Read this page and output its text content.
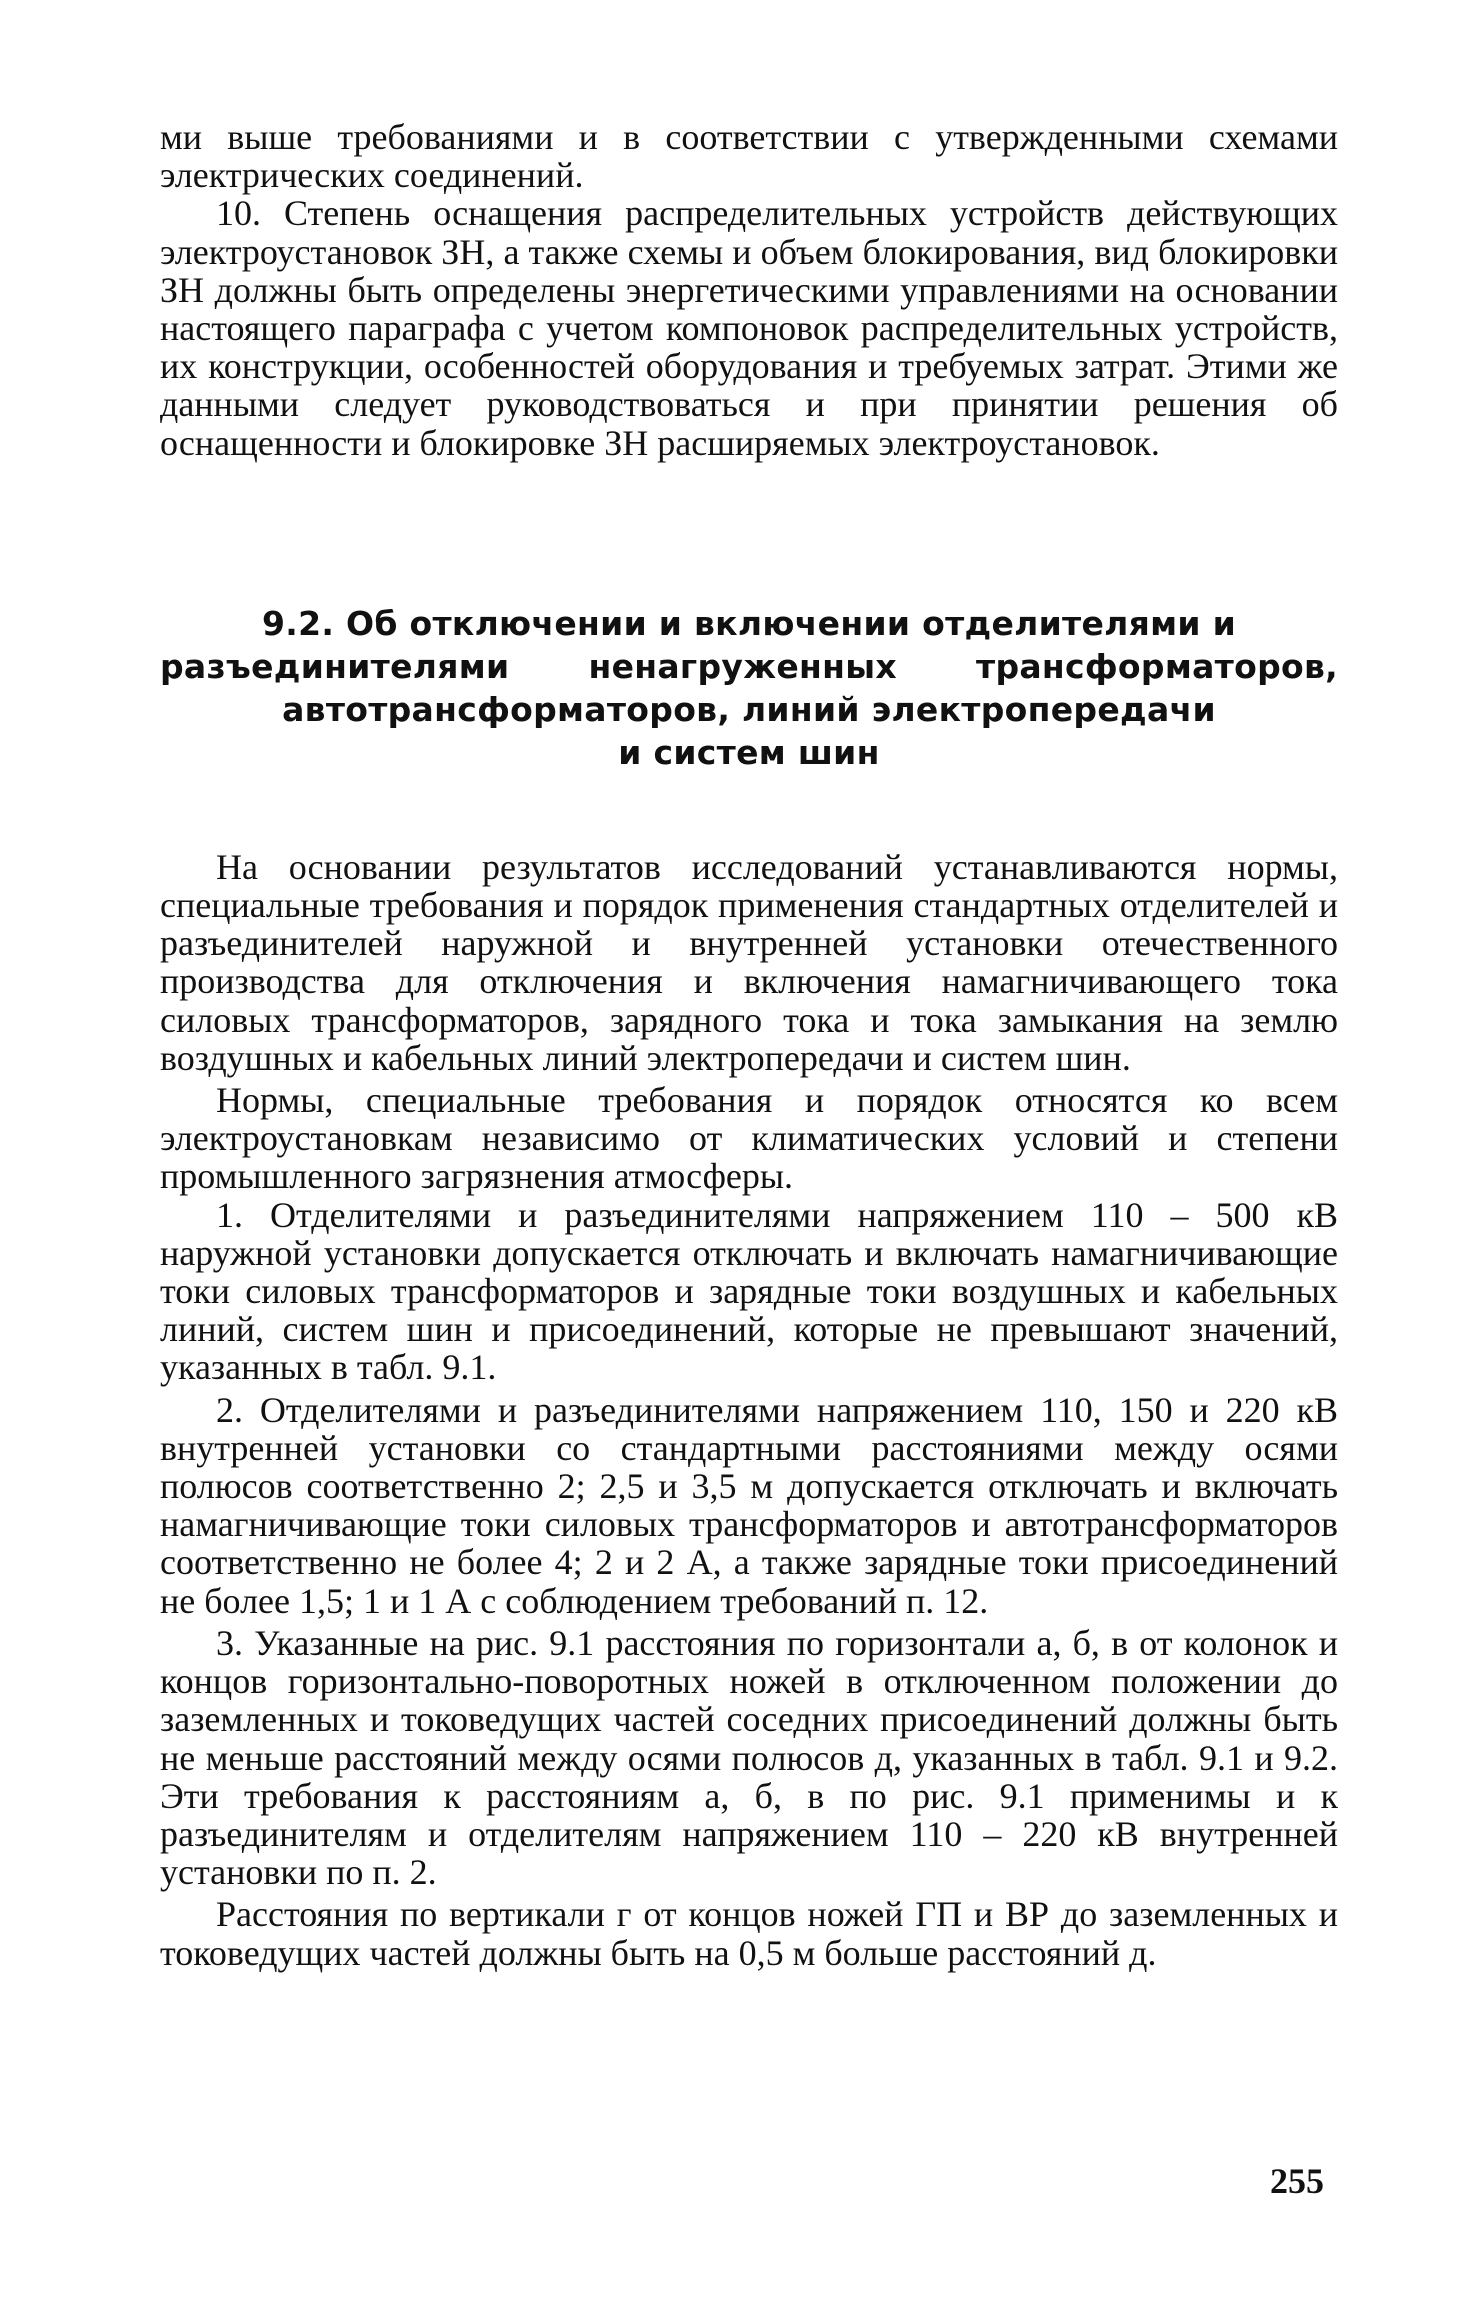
ми выше требованиями и в соответствии с утвержденными схемами электрических соединений.

10. Степень оснащения распределительных устройств действующих электроустановок ЗН, а также схемы и объем блокирования, вид блокировки ЗН должны быть определены энергетическими управлениями на основании настоящего параграфа с учетом компоновок распределительных устройств, их конструкции, особенностей оборудования и требуемых затрат. Этими же данными следует руководствоваться и при принятии решения об оснащенности и блокировке ЗН расширяемых электроустановок.

9.2. Об отключении и включении отделителями и
разъединителями ненагруженных трансформаторов,
автотрансформаторов, линий электропередачи
и систем шин

На основании результатов исследований устанавливаются нормы, специальные требования и порядок применения стандартных отделителей и разъединителей наружной и внутренней установки отечественного производства для отключения и включения намагничивающего тока силовых трансформаторов, зарядного тока и тока замыкания на землю воздушных и кабельных линий электропередачи и систем шин.

Нормы, специальные требования и порядок относятся ко всем электроустановкам независимо от климатических условий и степени промышленного загрязнения атмосферы.

1. Отделителями и разъединителями напряжением 110 – 500 кВ наружной установки допускается отключать и включать намагничивающие токи силовых трансформаторов и зарядные токи воздушных и кабельных линий, систем шин и присоединений, которые не превышают значений, указанных в табл. 9.1.

2. Отделителями и разъединителями напряжением 110, 150 и 220 кВ внутренней установки со стандартными расстояниями между осями полюсов соответственно 2; 2,5 и 3,5 м допускается отключать и включать намагничивающие токи силовых трансформаторов и автотрансформаторов соответственно не более 4; 2 и 2 А, а также зарядные токи присоединений не более 1,5; 1 и 1 А с соблюдением требований п. 12.

3. Указанные на рис. 9.1 расстояния по горизонтали а, б, в от колонок и концов горизонтально-поворотных ножей в отключенном положении до заземленных и токоведущих частей соседних присоединений должны быть не меньше расстояний между осями полюсов д, указанных в табл. 9.1 и 9.2. Эти требования к расстояниям а, б, в по рис. 9.1 применимы и к разъединителям и отделителям напряжением 110 – 220 кВ внутренней установки по п. 2.

Расстояния по вертикали г от концов ножей ГП и ВР до заземленных и токоведущих частей должны быть на 0,5 м больше расстояний д.

255
